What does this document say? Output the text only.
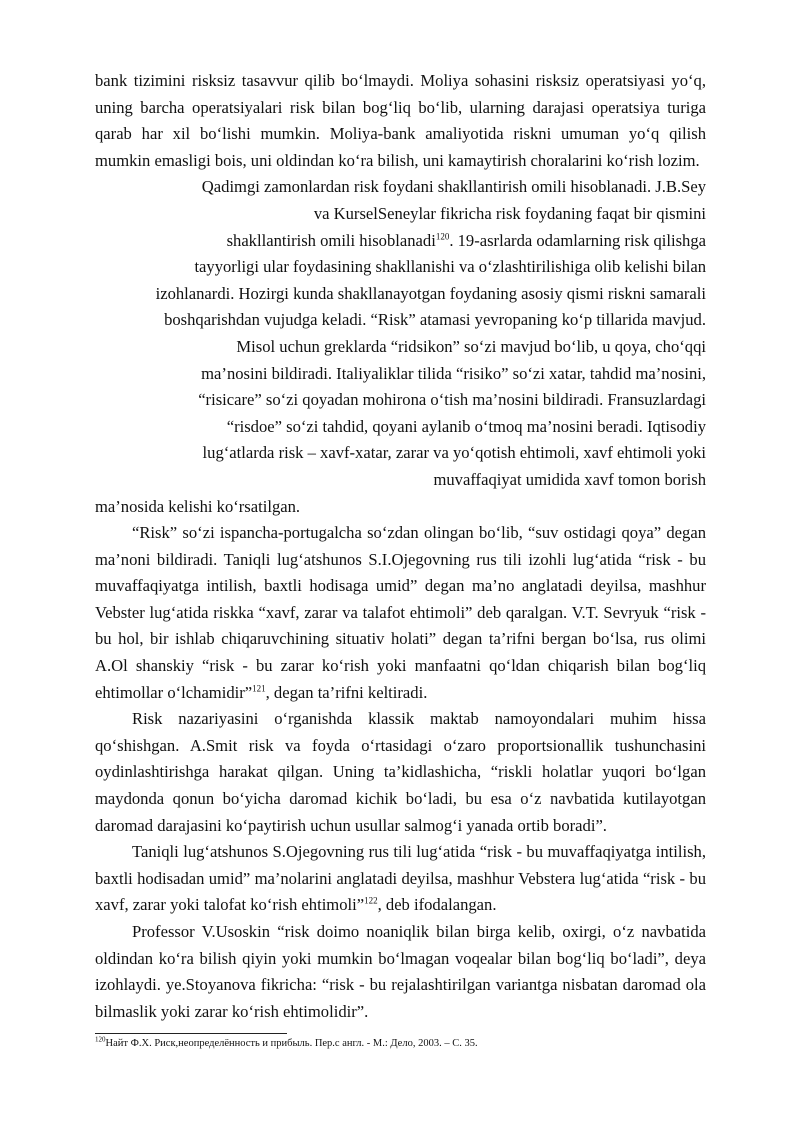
bank tizimini risksiz tasavvur qilib bo‘lmaydi. Moliya sohasini risksiz operatsiyasi yo‘q, uning barcha operatsiyalari risk bilan bog‘liq bo‘lib, ularning darajasi operatsiya turiga qarab har xil bo‘lishi mumkin. Moliya-bank amaliyotida riskni umuman yo‘q qilish mumkin emasligi bois, uni oldindan ko‘ra bilish, uni kamaytirish choralarini ko‘rish lozim.

Qadimgi zamonlardan risk foydani shakllantirish omili hisoblanadi. J.B.Sey

va KurselSeneylar fikricha risk foydaning faqat bir qismini

shakllantirish omili hisoblanadi$^{120}$. 19-asrlarda odamlarning risk qilishga

tayyorligi ular foydasining shakllanishi va o‘zlashtirilishiga olib kelishi bilan

izohlanardi. Hozirgi kunda shakllanayotgan foydaning asosiy qismi riskni samarali

boshqarishdan vujudga keladi. “Risk” atamasi yevropaning ko‘p tillarida mavjud.

Misol uchun greklarda “ridsikon” so‘zi mavjud bo‘lib, u qoya, cho‘qqi

ma’nosini bildiradi. Italiyaliklar tilida “risiko” so‘zi xatar, tahdid ma’nosini,

“risicare” so‘zi qoyadan mohirona o‘tish ma’nosini bildiradi. Fransuzlardagi

“risdoe” so‘zi tahdid, qoyani aylanib o‘tmoq ma’nosini beradi. Iqtisodiy

lug‘atlarda risk – xavf-xatar, zarar va yo‘qotish ehtimoli, xavf ehtimoli yoki

muvaffaqiyat umidida xavf tomon borish

ma’nosida kelishi ko‘rsatilgan.

“Risk” so‘zi ispancha-portugalcha so‘zdan olingan bo‘lib, “suv ostidagi qoya” degan ma’noni bildiradi. Taniqli lug‘atshunos S.I.Ojegovning rus tili izohli lug‘atida “risk - bu muvaffaqiyatga intilish, baxtli hodisaga umid” degan ma’no anglatadi deyilsa, mashhur Vebster lug‘atida riskka “xavf, zarar va talafot ehtimoli” deb qaralgan. V.T. Sevryuk “risk - bu hol, bir ishlab chiqaruvchining situativ holati” degan ta’rifni bergan bo‘lsa, rus olimi A.Ol shanskiy “risk - bu zarar ko‘rish yoki manfaatni qo‘ldan chiqarish bilan bog‘liq ehtimollar o‘lchamidir”$^{121}$, degan ta’rifni keltiradi.

Risk nazariyasini o‘rganishda klassik maktab namoyondalari muhim hissa qo‘shishgan. A.Smit risk va foyda o‘rtasidagi o‘zaro proportsionallik tushunchasini oydinlashtirishga harakat qilgan. Uning ta’kidlashicha, “riskli holatlar yuqori bo‘lgan maydonda qonun bo‘yicha daromad kichik bo‘ladi, bu esa o‘z navbatida kutilayotgan daromad darajasini ko‘paytirish uchun usullar salmog‘i yanada ortib boradi”.

Taniqli lug‘atshunos S.Ojegovning rus tili lug‘atida “risk - bu muvaffaqiyatga intilish, baxtli hodisadan umid” ma’nolarini anglatadi deyilsa, mashhur Vebstera lug‘atida “risk - bu xavf, zarar yoki talofat ko‘rish ehtimoli”$^{122}$, deb ifodalangan.

Professor V.Usoskin “risk doimo noaniqlik bilan birga kelib, oxirgi, o‘z navbatida oldindan ko‘ra bilish qiyin yoki mumkin bo‘lmagan voqealar bilan bog‘liq bo‘ladi”, deya izohlaydi. ye.Stoyanova fikricha: “risk - bu rejalashtirilgan variantga nisbatan daromad ola bilmaslik yoki zarar ko‘rish ehtimolidir”.

$^{120}$Найт Ф.Х. Риск,неопределённость и прибыль. Пер.с англ. - М.: Дело, 2003. – С. 35.
